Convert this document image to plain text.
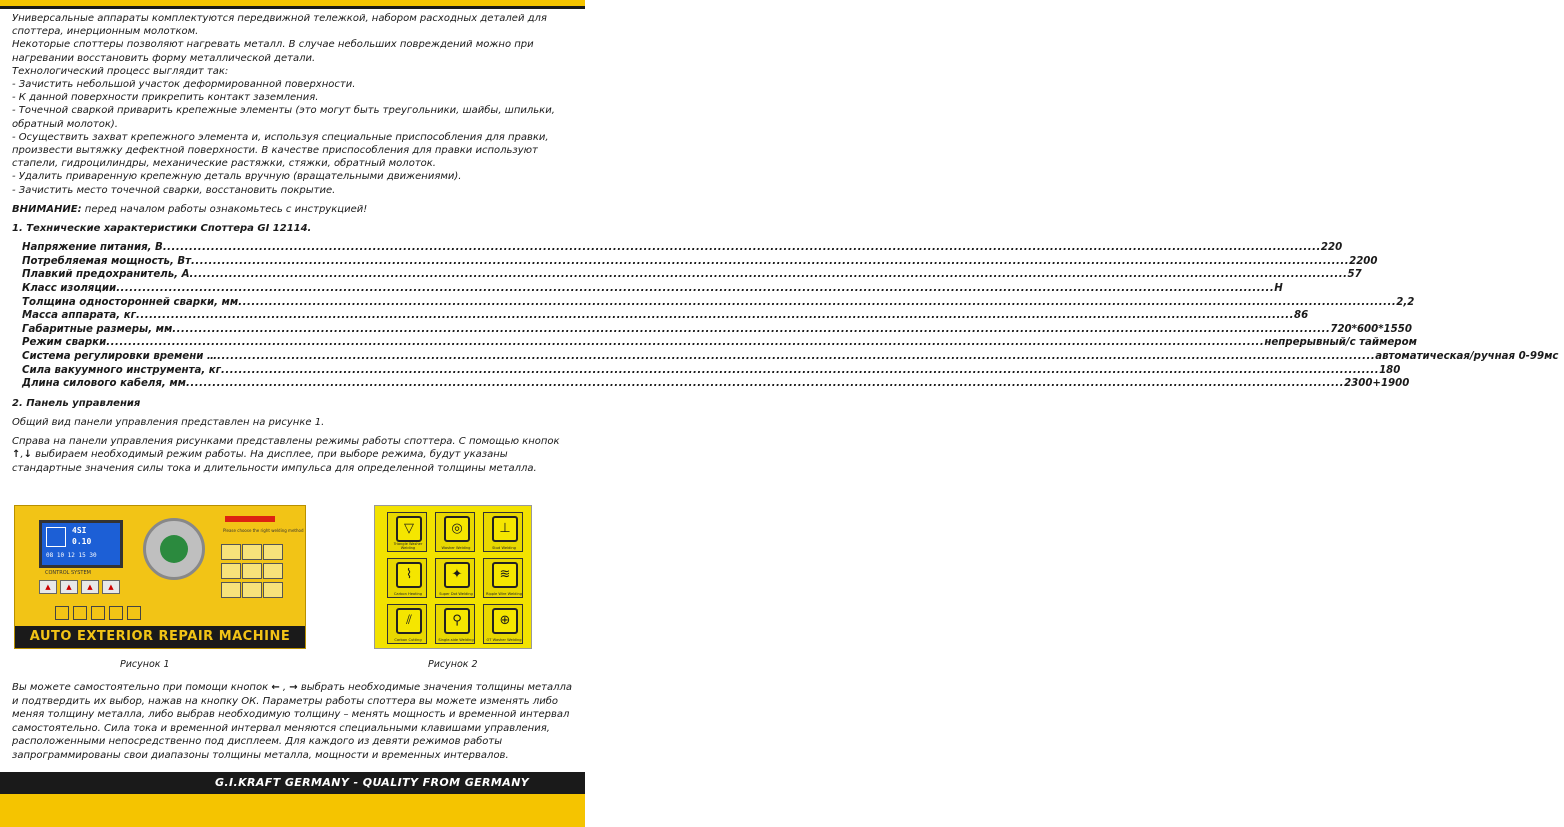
Универсальные аппараты комплектуются передвижной тележкой, набором расходных деталей для споттера, инерционным молотком.

Некоторые споттеры позволяют нагревать металл. В случае небольших повреждений можно при нагревании восстановить форму металлической детали.

Технологический процесс выглядит так:

- Зачистить небольшой участок деформированной поверхности.

- К данной поверхности прикрепить контакт заземления.

- Точечной сваркой приварить крепежные элементы (это могут быть треугольники, шайбы, шпильки, обратный молоток).

- Осуществить захват крепежного элемента и, используя специальные приспособления для правки, произвести вытяжку дефектной поверхности. В качестве приспособления для правки используют стапели, гидроцилиндры, механические растяжки, стяжки, обратный молоток.

- Удалить приваренную крепежную деталь вручную (вращательными движениями).

- Зачистить место точечной сварки, восстановить покрытие.

ВНИМАНИЕ: перед началом работы ознакомьтесь с инструкцией!

1. Технические характеристики Споттера GI 12114.

Напряжение питания, В ......................................................................................................................................................................................................................................................................... 220
Потребляемая мощность, Вт ......................................................................................................................................................................................................................................................................... 2200
Плавкий предохранитель, А ......................................................................................................................................................................................................................................................................... 57
Класс изоляции ......................................................................................................................................................................................................................................................................... Н
Толщина односторонней сварки, мм ......................................................................................................................................................................................................................................................................... 2,2
Масса аппарата, кг ......................................................................................................................................................................................................................................................................... 86
Габаритные размеры, мм ......................................................................................................................................................................................................................................................................... 720*600*1550
Режим сварки ......................................................................................................................................................................................................................................................................... непрерывный/с таймером
Система регулировки времени … ......................................................................................................................................................................................................................................................................... автоматическая/ручная 0-99мс
Сила вакуумного инструмента, кг ......................................................................................................................................................................................................................................................................... 180
Длина силового кабеля, мм ......................................................................................................................................................................................................................................................................... 2300+1900

2. Панель управления

Общий вид панели управления представлен на рисунке 1.

Справа на панели управления рисунками представлены режимы работы споттера. С помощью кнопок ↑,↓ выбираем необходимый режим работы. На дисплее, при выборе режима, будут указаны стандартные значения силы тока и длительности импульса для определенной толщины металла.

4SI
0.10
08 10 12 15 30
CONTROL SYSTEM
▲	▲	▲	▲
Please choose the right welding method
AUTO EXTERIOR REPAIR MACHINE
▽
Triangle Washer Welding
◎
Washer Welding
⊥
Stud Welding
⌇
Carbon Heating
✦
Super Dot Welding
≋
Ripple Wire Welding
⫽
Carbon Cutting
⚲
Single-side Welding
⊕
OT Washer Welding
Рисунок 1	Рисунок 2

Вы можете самостоятельно при помощи кнопок ← , → выбрать необходимые значения толщины металла и подтвердить их выбор, нажав на кнопку ОК. Параметры работы споттера вы можете изменять либо меняя толщину металла, либо выбрав необходимую толщину – менять мощность и временной интервал самостоятельно. Сила тока и временной интервал меняются специальными клавишами управления, расположенными непосредственно под дисплеем. Для каждого из девяти режимов работы запрограммированы свои диапазоны толщины металла, мощности и временных интервалов.

G.I.KRAFT GERMANY - QUALITY FROM GERMANY
